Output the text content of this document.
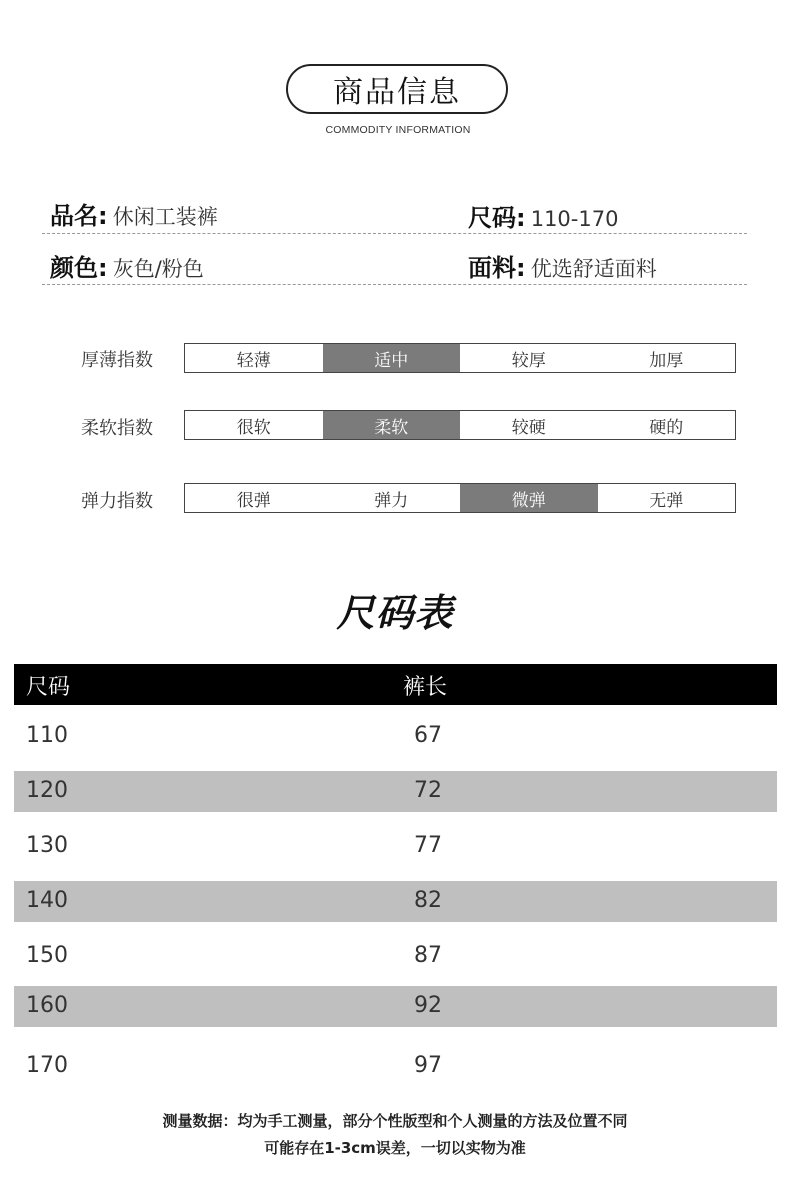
商品信息
COMMODITY INFORMATION
品名: 休闲工装裤	尺码: 110-170
颜色: 灰色/粉色	面料: 优选舒适面料
厚薄指数	轻薄	适中	较厚	加厚
柔软指数	很软	柔软	较硬	硬的
弹力指数	很弹	弹力	微弹	无弹
尺码表
尺码	裤长
110	67
120	72
130	77
140	82
150	87
160	92
170	97
测量数据：均为手工测量，部分个性版型和个人测量的方法及位置不同
可能存在1-3cm误差，一切以实物为准
